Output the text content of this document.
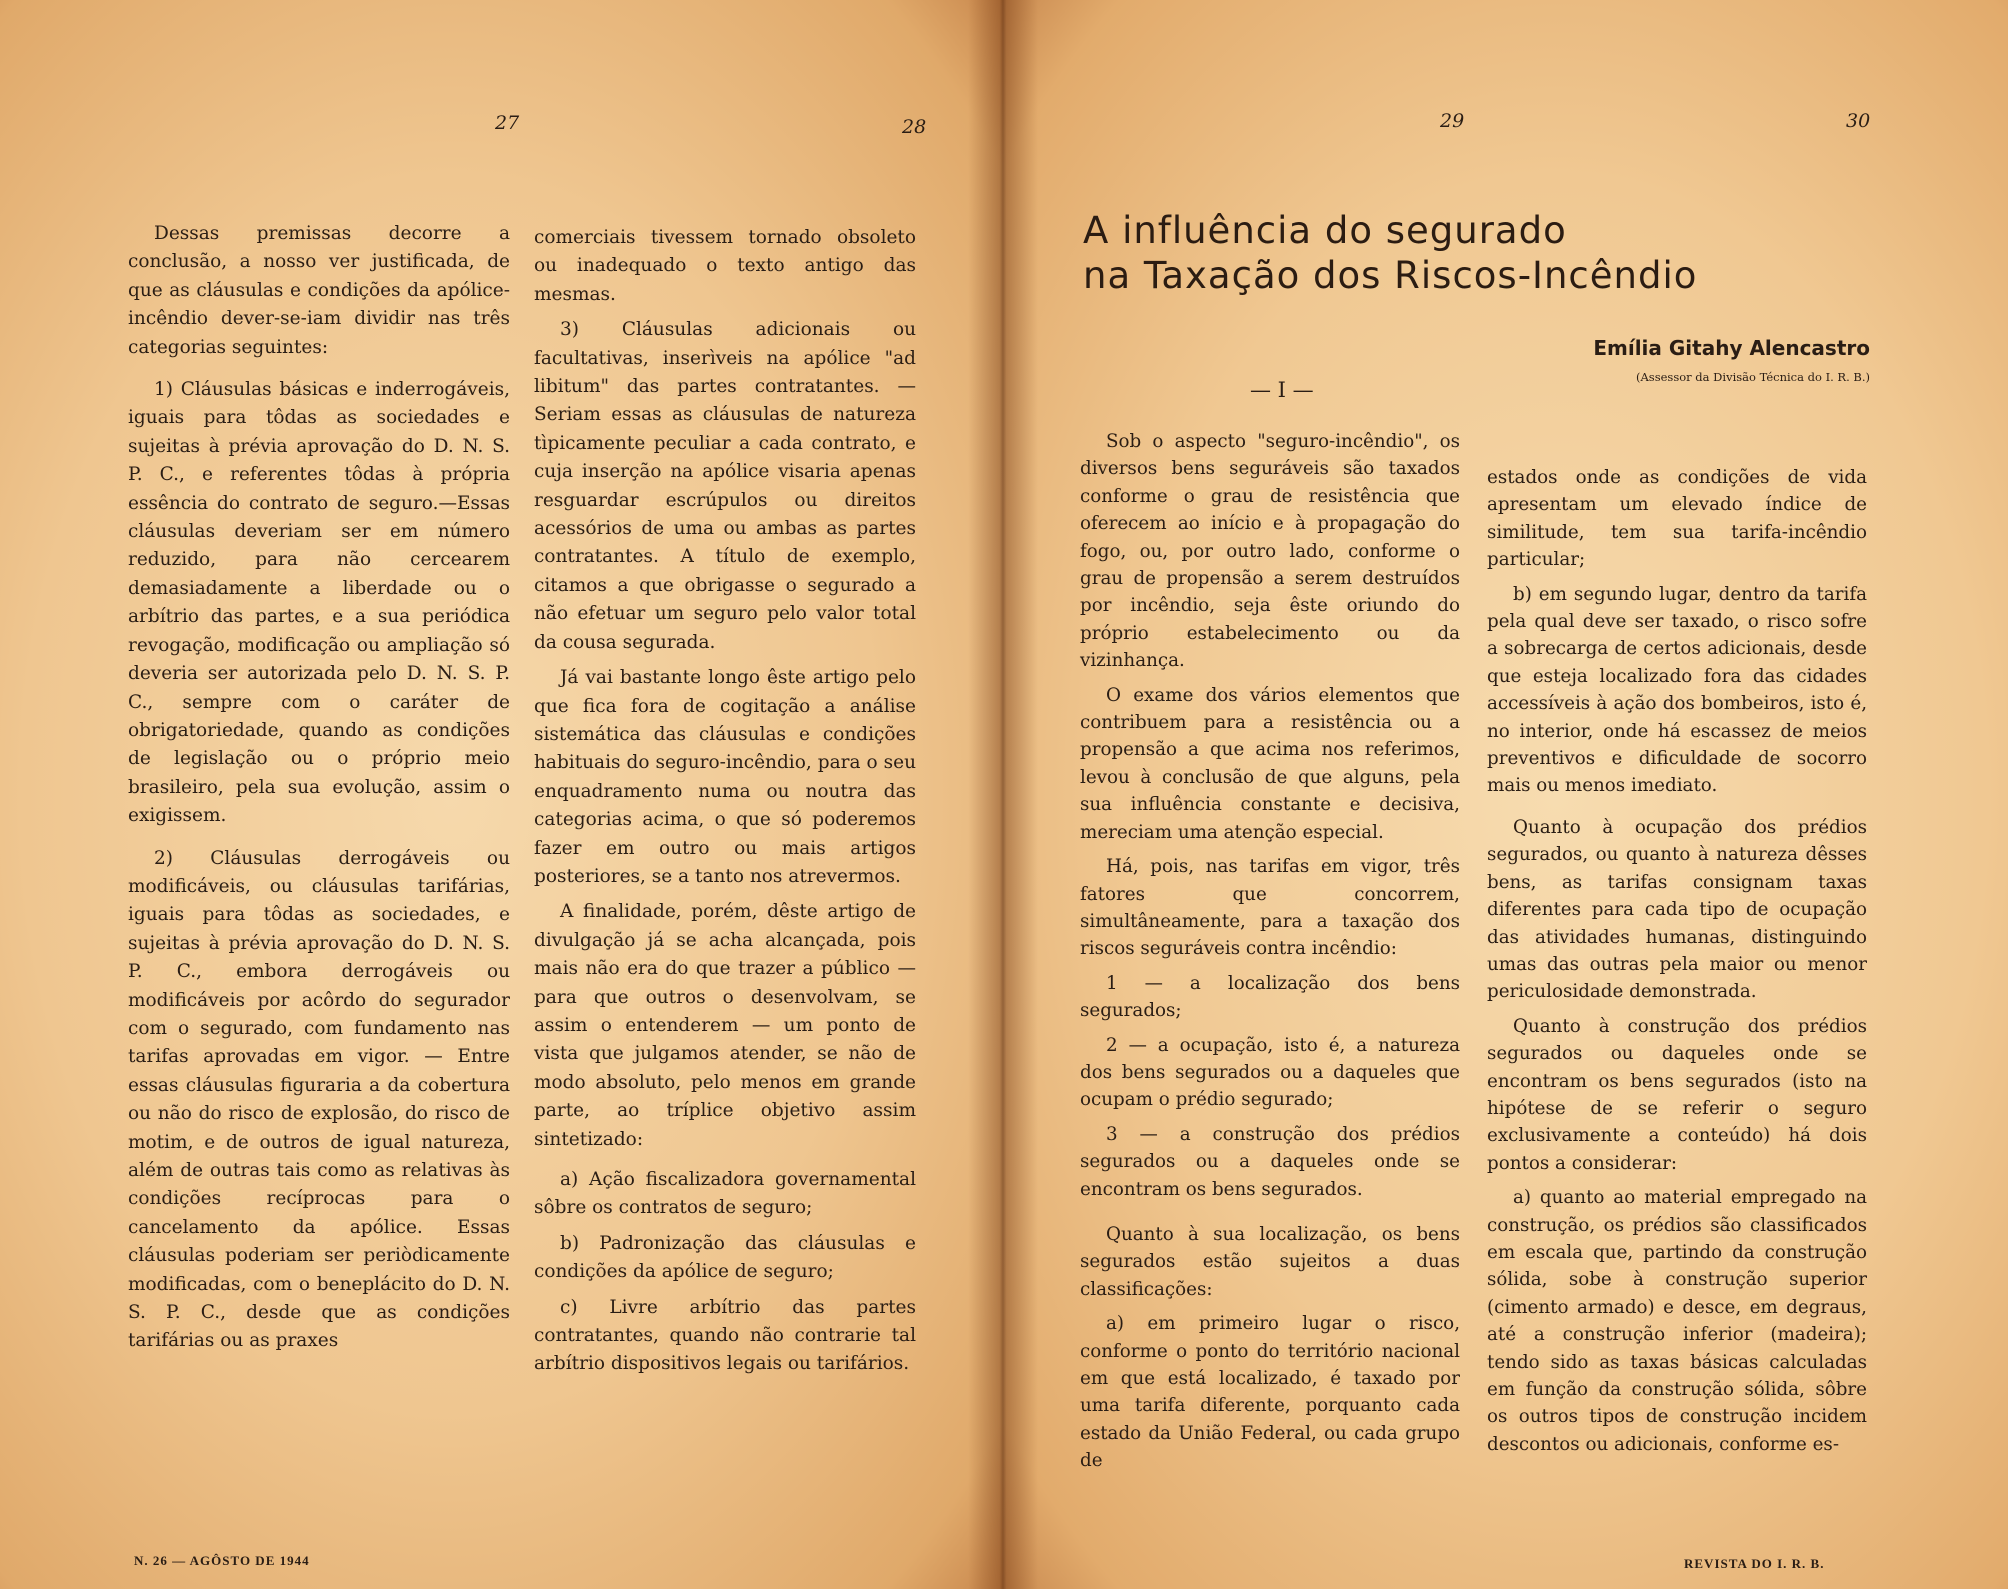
27	28

Dessas premissas decorre a conclusão, a nosso ver justificada, de que as cláusulas e condições da apólice-incêndio dever-se-iam dividir nas três categorias seguintes:

1) Cláusulas básicas e inderrogáveis, iguais para tôdas as sociedades e sujeitas à prévia aprovação do D. N. S. P. C., e referentes tôdas à própria essência do contrato de seguro.—Essas cláusulas deveriam ser em número reduzido, para não cercearem demasiadamente a liberdade ou o arbítrio das partes, e a sua periódica revogação, modificação ou ampliação só deveria ser autorizada pelo D. N. S. P. C., sempre com o caráter de obrigatoriedade, quando as condições de legislação ou o próprio meio brasileiro, pela sua evolução, assim o exigissem.

2) Cláusulas derrogáveis ou modificáveis, ou cláusulas tarifárias, iguais para tôdas as sociedades, e sujeitas à prévia aprovação do D. N. S. P. C., embora derrogáveis ou modificáveis por acôrdo do segurador com o segurado, com fundamento nas tarifas aprovadas em vigor. — Entre essas cláusulas figuraria a da cobertura ou não do risco de explosão, do risco de motim, e de outros de igual natureza, além de outras tais como as relativas às condições recíprocas para o cancelamento da apólice. Essas cláusulas poderiam ser periòdicamente modificadas, com o beneplácito do D. N. S. P. C., desde que as condições tarifárias ou as praxes

comerciais tivessem tornado obsoleto ou inadequado o texto antigo das mesmas.

3) Cláusulas adicionais ou facultativas, inserìveis na apólice "ad libitum" das partes contratantes. — Seriam essas as cláusulas de natureza tìpicamente peculiar a cada contrato, e cuja inserção na apólice visaria apenas resguardar escrúpulos ou direitos acessórios de uma ou ambas as partes contratantes. A título de exemplo, citamos a que obrigasse o segurado a não efetuar um seguro pelo valor total da cousa segurada.

Já vai bastante longo êste artigo pelo que fica fora de cogitação a análise sistemática das cláusulas e condições habituais do seguro-incêndio, para o seu enquadramento numa ou noutra das categorias acima, o que só poderemos fazer em outro ou mais artigos posteriores, se a tanto nos atrevermos.

A finalidade, porém, dêste artigo de divulgação já se acha alcançada, pois mais não era do que trazer a público — para que outros o desenvolvam, se assim o entenderem — um ponto de vista que julgamos atender, se não de modo absoluto, pelo menos em grande parte, ao tríplice objetivo assim sintetizado:

a) Ação fiscalizadora governamental sôbre os contratos de seguro;

b) Padronização das cláusulas e condições da apólice de seguro;

c) Livre arbítrio das partes contratantes, quando não contrarie tal arbítrio dispositivos legais ou tarifários.

N. 26 — AGÔSTO DE 1944
29	30
A influência do segurado
na Taxação dos Riscos-Incêndio
Emília Gitahy Alencastro
(Assessor da Divisão Técnica do I. R. B.)
— I —

Sob o aspecto "seguro-incêndio", os diversos bens seguráveis são taxados conforme o grau de resistência que oferecem ao início e à propagação do fogo, ou, por outro lado, conforme o grau de propensão a serem destruídos por incêndio, seja êste oriundo do próprio estabelecimento ou da vizinhança.

O exame dos vários elementos que contribuem para a resistência ou a propensão a que acima nos referimos, levou à conclusão de que alguns, pela sua influência constante e decisiva, mereciam uma atenção especial.

Há, pois, nas tarifas em vigor, três fatores que concorrem, simultâneamente, para a taxação dos riscos seguráveis contra incêndio:

1 — a localização dos bens segurados;

2 — a ocupação, isto é, a natureza dos bens segurados ou a daqueles que ocupam o prédio segurado;

3 — a construção dos prédios segurados ou a daqueles onde se encontram os bens segurados.

Quanto à sua localização, os bens segurados estão sujeitos a duas classificações:

a) em primeiro lugar o risco, conforme o ponto do território nacional em que está localizado, é taxado por uma tarifa diferente, porquanto cada estado da União Federal, ou cada grupo de

estados onde as condições de vida apresentam um elevado índice de similitude, tem sua tarifa-incêndio particular;

b) em segundo lugar, dentro da tarifa pela qual deve ser taxado, o risco sofre a sobrecarga de certos adicionais, desde que esteja localizado fora das cidades accessíveis à ação dos bombeiros, isto é, no interior, onde há escassez de meios preventivos e dificuldade de socorro mais ou menos imediato.

Quanto à ocupação dos prédios segurados, ou quanto à natureza dêsses bens, as tarifas consignam taxas diferentes para cada tipo de ocupação das atividades humanas, distinguindo umas das outras pela maior ou menor periculosidade demonstrada.

Quanto à construção dos prédios segurados ou daqueles onde se encontram os bens segurados (isto na hipótese de se referir o seguro exclusivamente a conteúdo) há dois pontos a considerar:

a) quanto ao material empregado na construção, os prédios são classificados em escala que, partindo da construção sólida, sobe à construção superior (cimento armado) e desce, em degraus, até a construção inferior (madeira); tendo sido as taxas básicas calculadas em função da construção sólida, sôbre os outros tipos de construção incidem descontos ou adicionais, conforme es-

REVISTA DO I. R. B.
